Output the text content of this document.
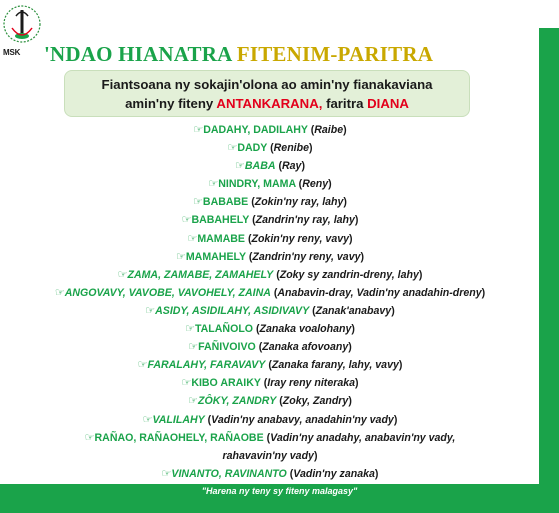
"Harena ny teny sy fiteny malagasy"
MSK 'NDAO HIANATRA FITENIM-PARITRA
Fiantsoana ny sokajin'olona ao amin'ny fianakaviana
amin'ny fiteny ANTANKARANA, faritra DIANA
☞DADAHY, DADILAHY (Raibe)
☞DADY (Renibe)
☞BABA (Ray)
☞NINDRY, MAMA (Reny)
☞BABABE (Zokin'ny ray, lahy)
☞BABAHELY (Zandrin'ny ray, lahy)
☞MAMABE (Zokin'ny reny, vavy)
☞MAMAHELY (Zandrin'ny reny, vavy)
☞ZAMA, ZAMABE, ZAMAHELY (Zoky sy zandrin-dreny, lahy)
☞ANGOVAVY, VAVOBE, VAVOHELY, ZAINA (Anabavin-dray, Vadin'ny anadahin-dreny)
☞ASIDY, ASIDILAHY, ASIDIVAVY (Zanak'anabavy)
☞TALAÑOLO (Zanaka voalohany)
☞FAÑIVOIVO (Zanaka afovoany)
☞FARALAHY, FARAVAVY (Zanaka farany, lahy, vavy)
☞KIBO ARAIKY (Iray reny niteraka)
☞ZÔKY, ZANDRY (Zoky, Zandry)
☞VALILAHY (Vadin'ny anabavy, anadahin'ny vady)
☞RAÑAO, RAÑAOHELY, RAÑAOBE (Vadin'ny anadahy, anabavin'ny vady,
rahavavin'ny vady)
☞VINANTO, RAVINANTO (Vadin'ny zanaka)
